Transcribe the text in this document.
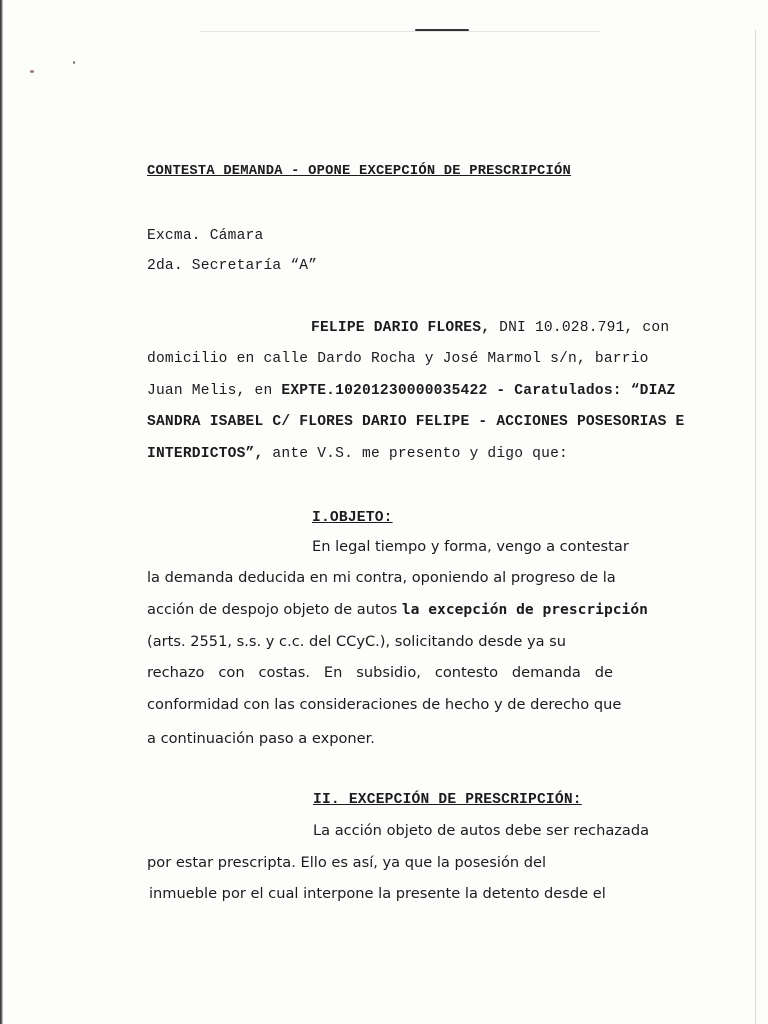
CONTESTA DEMANDA - OPONE EXCEPCIÓN DE PRESCRIPCIÓN
Excma. Cámara
2da. Secretaría “A”
FELIPE DARIO FLORES, DNI 10.028.791, con
domicilio en calle Dardo Rocha y José Marmol s/n, barrio
Juan Melis, en EXPTE.10201230000035422 - Caratulados: “DIAZ
SANDRA ISABEL C/ FLORES DARIO FELIPE - ACCIONES POSESORIAS E
INTERDICTOS”, ante V.S. me presento y digo que:
I.OBJETO:
En legal tiempo y forma, vengo a contestar
la demanda deducida en mi contra, oponiendo al progreso de la
acción de despojo objeto de autos la excepción de prescripción
(arts. 2551, s.s. y c.c. del CCyC.), solicitando desde ya su
rechazo   con   costas.   En   subsidio,   contesto   demanda   de
conformidad con las consideraciones de hecho y de derecho que
a continuación paso a exponer.
II. EXCEPCIÓN DE PRESCRIPCIÓN:
La acción objeto de autos debe ser rechazada
por estar prescripta. Ello es así, ya que la posesión del
inmueble por el cual interpone la presente la detento desde el
